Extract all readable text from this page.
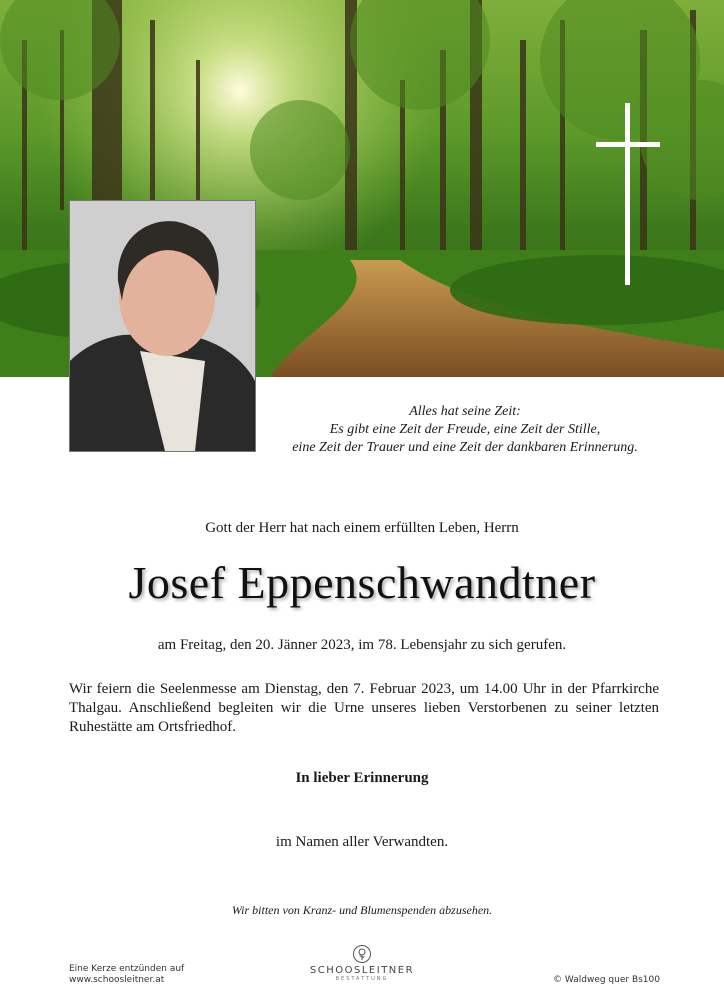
Alles hat seine Zeit:
Es gibt eine Zeit der Freude, eine Zeit der Stille,
eine Zeit der Trauer und eine Zeit der dankbaren Erinnerung.
Gott der Herr hat nach einem erfüllten Leben, Herrn
Josef Eppenschwandtner
am Freitag, den 20. Jänner 2023, im 78. Lebensjahr zu sich gerufen.
Wir feiern die Seelenmesse am Dienstag, den 7. Februar 2023, um 14.00 Uhr in der Pfarrkirche Thalgau. Anschließend begleiten wir die Urne unseres lieben Verstorbenen zu seiner letzten Ruhestätte am Ortsfriedhof.
In lieber Erinnerung
im Namen aller Verwandten.
Wir bitten von Kranz- und Blumenspenden abzusehen.
Eine Kerze entzünden auf
www.schoosleitner.at
SCHOOSLEITNER
BESTATTUNG	© Waldweg quer Bs100
